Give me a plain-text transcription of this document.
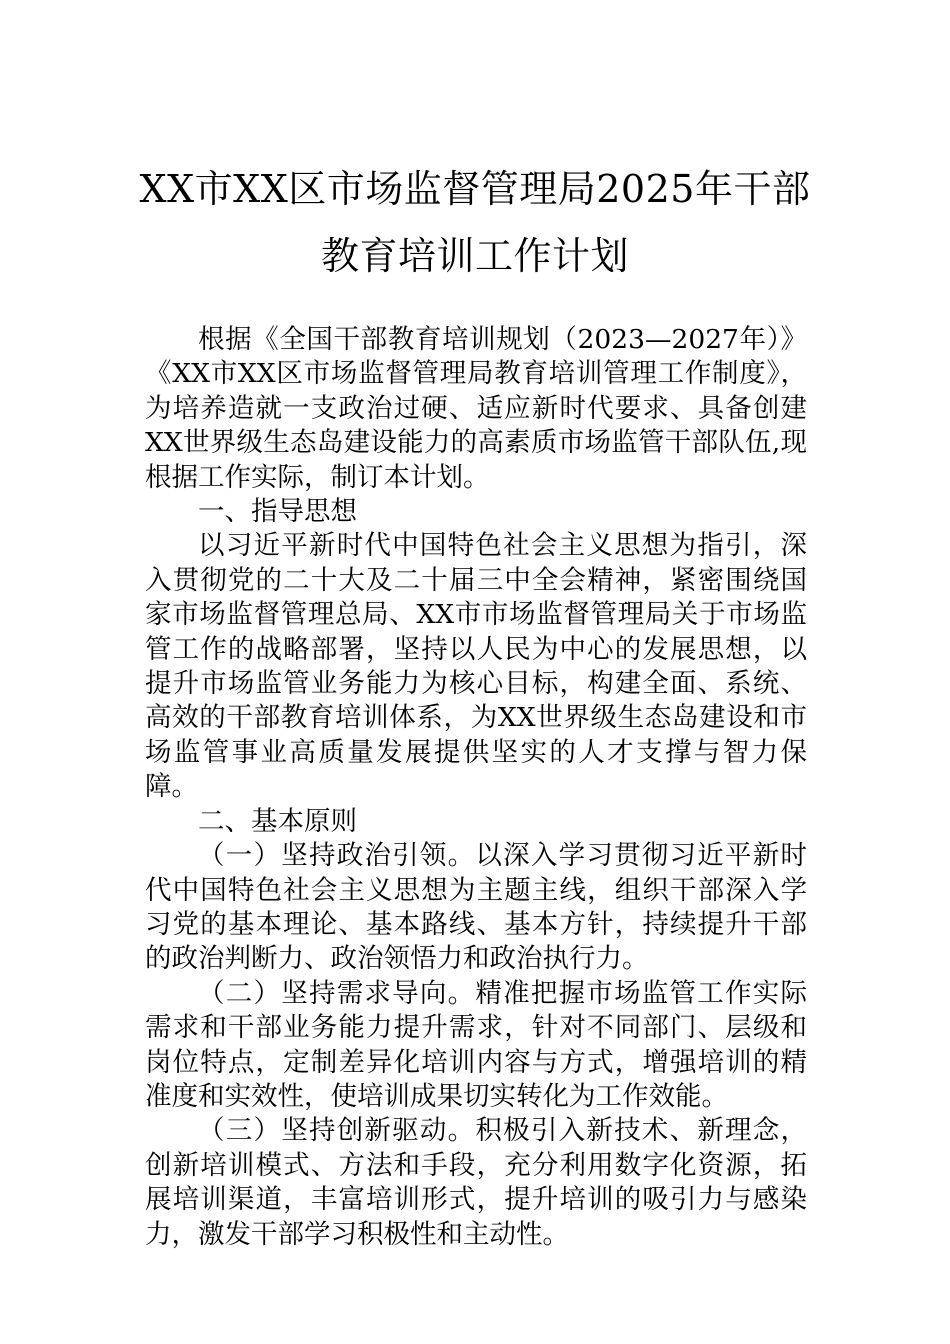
XX市XX区市场监督管理局2025年干部
教育培训工作计划

根据《全国干部教育培训规划（2023—2027年）》《XX市XX区市场监督管理局教育培训管理工作制度》，为培养造就一支政治过硬、适应新时代要求、具备创建XX世界级生态岛建设能力的高素质市场监管干部队伍,现根据工作实际，制订本计划。

一、指导思想

以习近平新时代中国特色社会主义思想为指引，深入贯彻党的二十大及二十届三中全会精神，紧密围绕国家市场监督管理总局、XX市市场监督管理局关于市场监管工作的战略部署，坚持以人民为中心的发展思想，以提升市场监管业务能力为核心目标，构建全面、系统、高效的干部教育培训体系，为XX世界级生态岛建设和市场监管事业高质量发展提供坚实的人才支撑与智力保障。

二、基本原则

（一）坚持政治引领。以深入学习贯彻习近平新时代中国特色社会主义思想为主题主线，组织干部深入学习党的基本理论、基本路线、基本方针，持续提升干部的政治判断力、政治领悟力和政治执行力。

（二）坚持需求导向。精准把握市场监管工作实际需求和干部业务能力提升需求，针对不同部门、层级和岗位特点，定制差异化培训内容与方式，增强培训的精准度和实效性，使培训成果切实转化为工作效能。

（三）坚持创新驱动。积极引入新技术、新理念，创新培训模式、方法和手段，充分利用数字化资源，拓展培训渠道，丰富培训形式，提升培训的吸引力与感染力，激发干部学习积极性和主动性。
